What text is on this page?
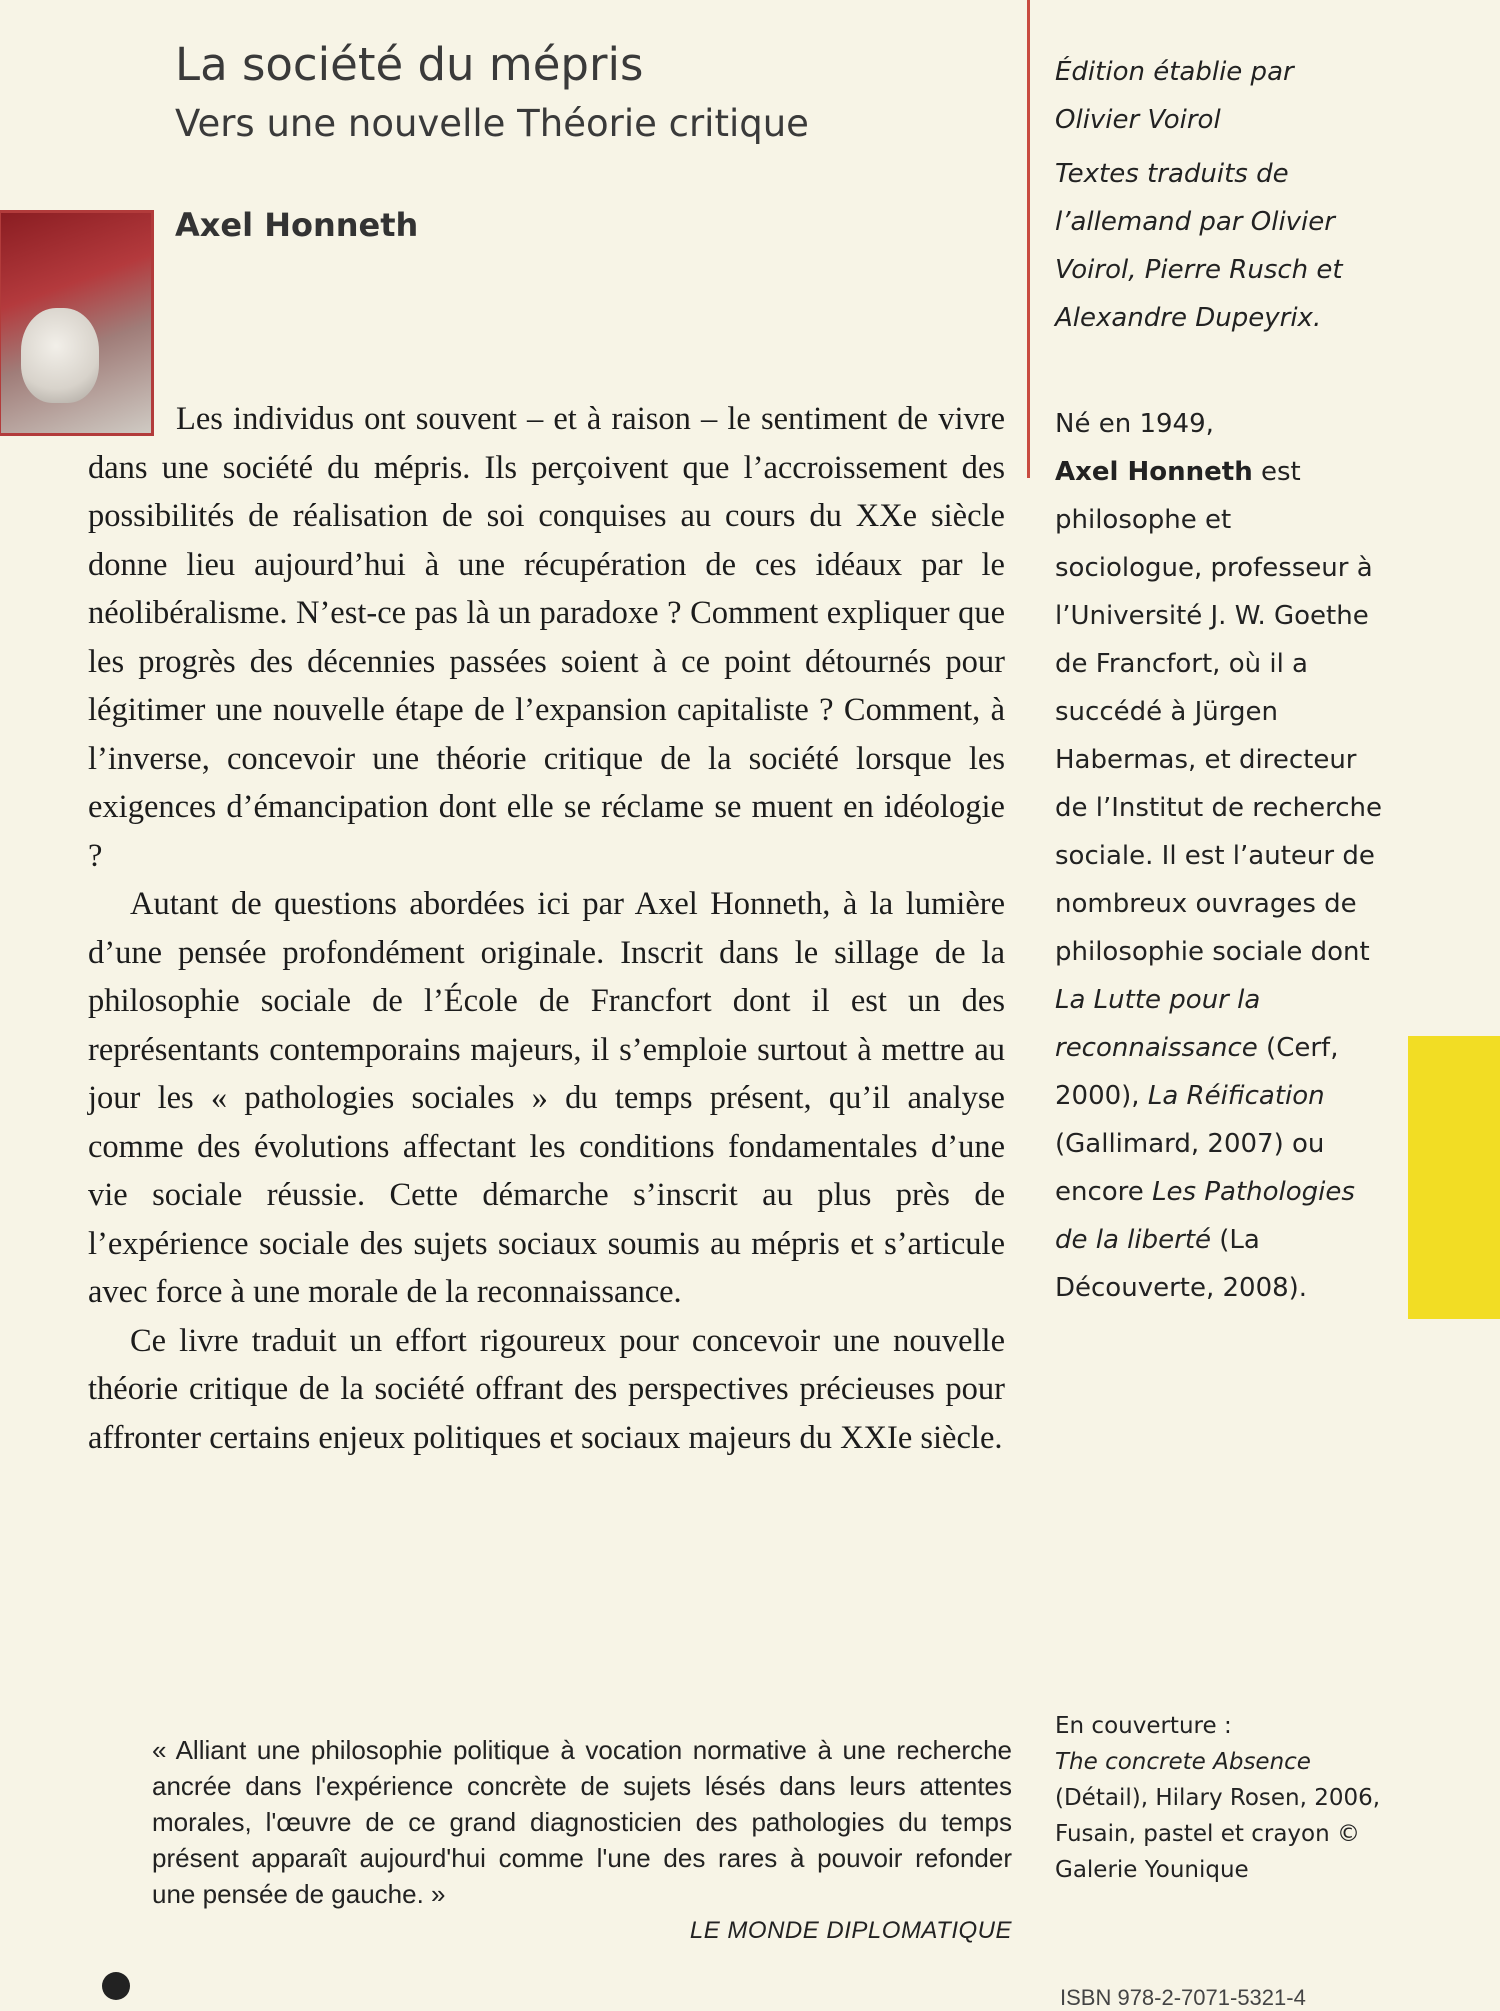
La société du mépris
Vers une nouvelle Théorie critique
Axel Honneth

Les individus ont souvent – et à raison – le sentiment de vivre dans une société du mépris. Ils perçoivent que l’accroissement des possibilités de réalisation de soi conquises au cours du XXe siècle donne lieu aujourd’hui à une récupération de ces idéaux par le néolibéralisme. N’est-ce pas là un paradoxe ? Comment expliquer que les progrès des décennies passées soient à ce point détournés pour légitimer une nouvelle étape de l’expansion capitaliste ? Comment, à l’inverse, concevoir une théorie critique de la société lorsque les exigences d’émancipation dont elle se réclame se muent en idéologie ?

Autant de questions abordées ici par Axel Honneth, à la lumière d’une pensée profondément originale. Inscrit dans le sillage de la philosophie sociale de l’École de Francfort dont il est un des représentants contemporains majeurs, il s’emploie surtout à mettre au jour les « pathologies sociales » du temps présent, qu’il analyse comme des évolutions affectant les conditions fondamentales d’une vie sociale réussie. Cette démarche s’inscrit au plus près de l’expérience sociale des sujets sociaux soumis au mépris et s’articule avec force à une morale de la reconnaissance.

Ce livre traduit un effort rigoureux pour concevoir une nouvelle théorie critique de la société offrant des perspectives précieuses pour affronter certains enjeux politiques et sociaux majeurs du XXIe siècle.

« Alliant une philosophie politique à vocation normative à une recherche ancrée dans l'expérience concrète de sujets lésés dans leurs attentes morales, l'œuvre de ce grand diagnosticien des pathologies du temps présent apparaît aujourd'hui comme l'une des rares à pouvoir refonder une pensée de gauche. »
LE MONDE DIPLOMATIQUE
Édition établie par Olivier Voirol
Textes traduits de l’allemand par Olivier Voirol, Pierre Rusch et Alexandre Dupeyrix.
Né en 1949,
Axel Honneth est philosophe et sociologue, professeur à l’Université J. W. Goethe de Francfort, où il a succédé à Jürgen Habermas, et directeur de l’Institut de recherche sociale. Il est l’auteur de nombreux ouvrages de philosophie sociale dont La Lutte pour la reconnaissance (Cerf, 2000), La Réification (Gallimard, 2007) ou encore Les Pathologies de la liberté (La Découverte, 2008).
En couverture :
The concrete Absence
(Détail), Hilary Rosen, 2006, Fusain, pastel et crayon © Galerie Younique
ISBN 978-2-7071-5321-4
